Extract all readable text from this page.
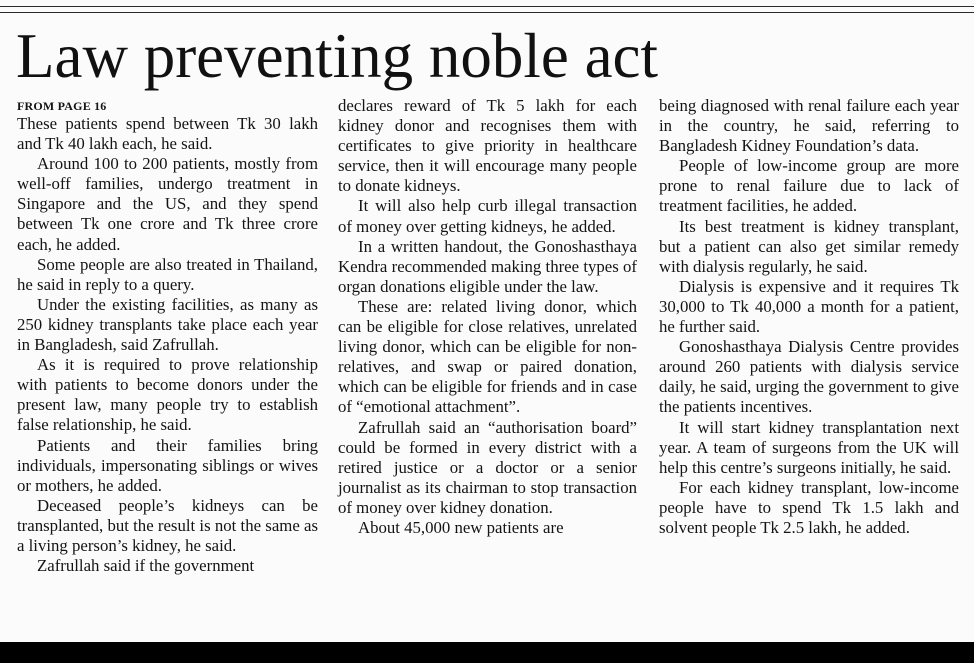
Law preventing noble act
FROM PAGE 16

These patients spend between Tk 30 lakh and Tk 40 lakh each, he said.

Around 100 to 200 patients, mostly from well-off families, undergo treatment in Singapore and the US, and they spend between Tk one crore and Tk three crore each, he added.

Some people are also treated in Thailand, he said in reply to a query.

Under the existing facilities, as many as 250 kidney transplants take place each year in Bangladesh, said Zafrullah.

As it is required to prove relationship with patients to become donors under the present law, many people try to establish false relationship, he said.

Patients and their families bring individuals, impersonating siblings or wives or mothers, he added.

Deceased people’s kidneys can be transplanted, but the result is not the same as a living person’s kidney, he said.

Zafrullah said if the government

declares reward of Tk 5 lakh for each kidney donor and recognises them with certificates to give priority in healthcare service, then it will encourage many people to donate kidneys.

It will also help curb illegal transaction of money over getting kidneys, he added.

In a written handout, the Gonoshasthaya Kendra recommended making three types of organ donations eligible under the law.

These are: related living donor, which can be eligible for close relatives, unrelated living donor, which can be eligible for non-relatives, and swap or paired donation, which can be eligible for friends and in case of “emotional attachment”.

Zafrullah said an “authorisation board” could be formed in every district with a retired justice or a doctor or a senior journalist as its chairman to stop transaction of money over kidney donation.

About 45,000 new patients are

being diagnosed with renal failure each year in the country, he said, referring to Bangladesh Kidney Foundation’s data.

People of low-income group are more prone to renal failure due to lack of treatment facilities, he added.

Its best treatment is kidney transplant, but a patient can also get similar remedy with dialysis regularly, he said.

Dialysis is expensive and it requires Tk 30,000 to Tk 40,000 a month for a patient, he further said.

Gonoshasthaya Dialysis Centre provides around 260 patients with dialysis service daily, he said, urging the government to give the patients incentives.

It will start kidney transplantation next year. A team of surgeons from the UK will help this centre’s surgeons initially, he said.

For each kidney transplant, low-income people have to spend Tk 1.5 lakh and solvent people Tk 2.5 lakh, he added.
